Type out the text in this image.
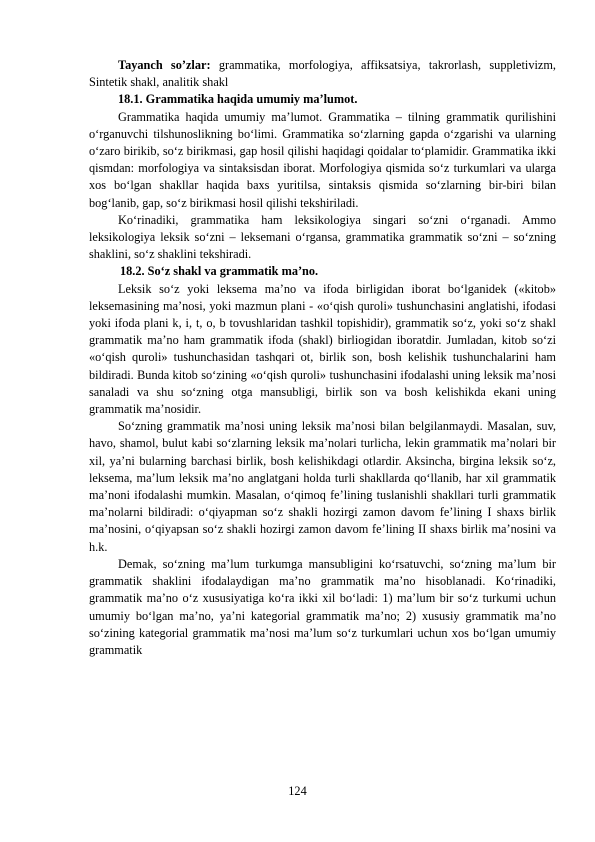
Tayanch so’zlar: grammatika, morfologiya, affiksatsiya, takrorlash, suppletivizm, Sintetik shakl, analitik shakl

18.1. Grammatika haqida umumiy ma’lumot.

Grammatika haqida umumiy ma’lumot. Grammatika – tilning grammatik qurilishini o‘rganuvchi tilshunoslikning bo‘limi. Grammatika so‘zlarning gapda o‘zgarishi va ularning o‘zaro birikib, so‘z birikmasi, gap hosil qilishi haqidagi qoidalar to‘plamidir. Grammatika ikki qismdan: morfologiya va sintaksisdan iborat. Morfologiya qismida so‘z turkumlari va ularga xos bo‘lgan shakllar haqida baxs yuritilsa, sintaksis qismida so‘zlarning bir-biri bilan bog‘lanib, gap, so‘z birikmasi hosil qilishi tekshiriladi.

Ko‘rinadiki, grammatika ham leksikologiya singari so‘zni o‘rganadi. Ammo leksikologiya leksik so‘zni – leksemani o‘rgansa, grammatika grammatik so‘zni – so‘zning shaklini, so‘z shaklini tekshiradi.

18.2. So‘z shakl va grammatik ma’no.

Leksik so‘z yoki leksema ma’no va ifoda birligidan iborat bo‘lganidek («kitob» leksemasining ma’nosi, yoki mazmun plani - «o‘qish quroli» tushunchasini anglatishi, ifodasi yoki ifoda plani k, i, t, o, b tovushlaridan tashkil topishidir), grammatik so‘z, yoki so‘z shakl grammatik ma’no ham grammatik ifoda (shakl) birliogidan iboratdir. Jumladan, kitob so‘zi «o‘qish quroli» tushunchasidan tashqari ot, birlik son, bosh kelishik tushunchalarini ham bildiradi. Bunda kitob so‘zining «o‘qish quroli» tushunchasini ifodalashi uning leksik ma’nosi sanaladi va shu so‘zning otga mansubligi, birlik son va bosh kelishikda ekani uning grammatik ma’nosidir.

So‘zning grammatik ma’nosi uning leksik ma’nosi bilan belgilanmaydi. Masalan, suv, havo, shamol, bulut kabi so‘zlarning leksik ma’nolari turlicha, lekin grammatik ma’nolari bir xil, ya’ni bularning barchasi birlik, bosh kelishikdagi otlardir. Aksincha, birgina leksik so‘z, leksema, ma’lum leksik ma’no anglatgani holda turli shakllarda qo‘llanib, har xil grammatik ma’noni ifodalashi mumkin. Masalan, o‘qimoq fe’lining tuslanishli shakllari turli grammatik ma’nolarni bildiradi: o‘qiyapman so‘z shakli hozirgi zamon davom fe’lining I shaxs birlik ma’nosini, o‘qiyapsan so‘z shakli hozirgi zamon davom fe’lining II shaxs birlik ma’nosini va h.k.

Demak, so‘zning ma’lum turkumga mansubligini ko‘rsatuvchi, so‘zning ma’lum bir grammatik shaklini ifodalaydigan ma’no grammatik ma’no hisoblanadi. Ko‘rinadiki, grammatik ma’no o‘z xususiyatiga ko‘ra ikki xil bo‘ladi: 1) ma’lum bir so‘z turkumi uchun umumiy bo‘lgan ma’no, ya’ni kategorial grammatik ma’no; 2) xususiy grammatik ma’no so‘zining kategorial grammatik ma’nosi ma’lum so‘z turkumlari uchun xos bo‘lgan umumiy grammatik

124
